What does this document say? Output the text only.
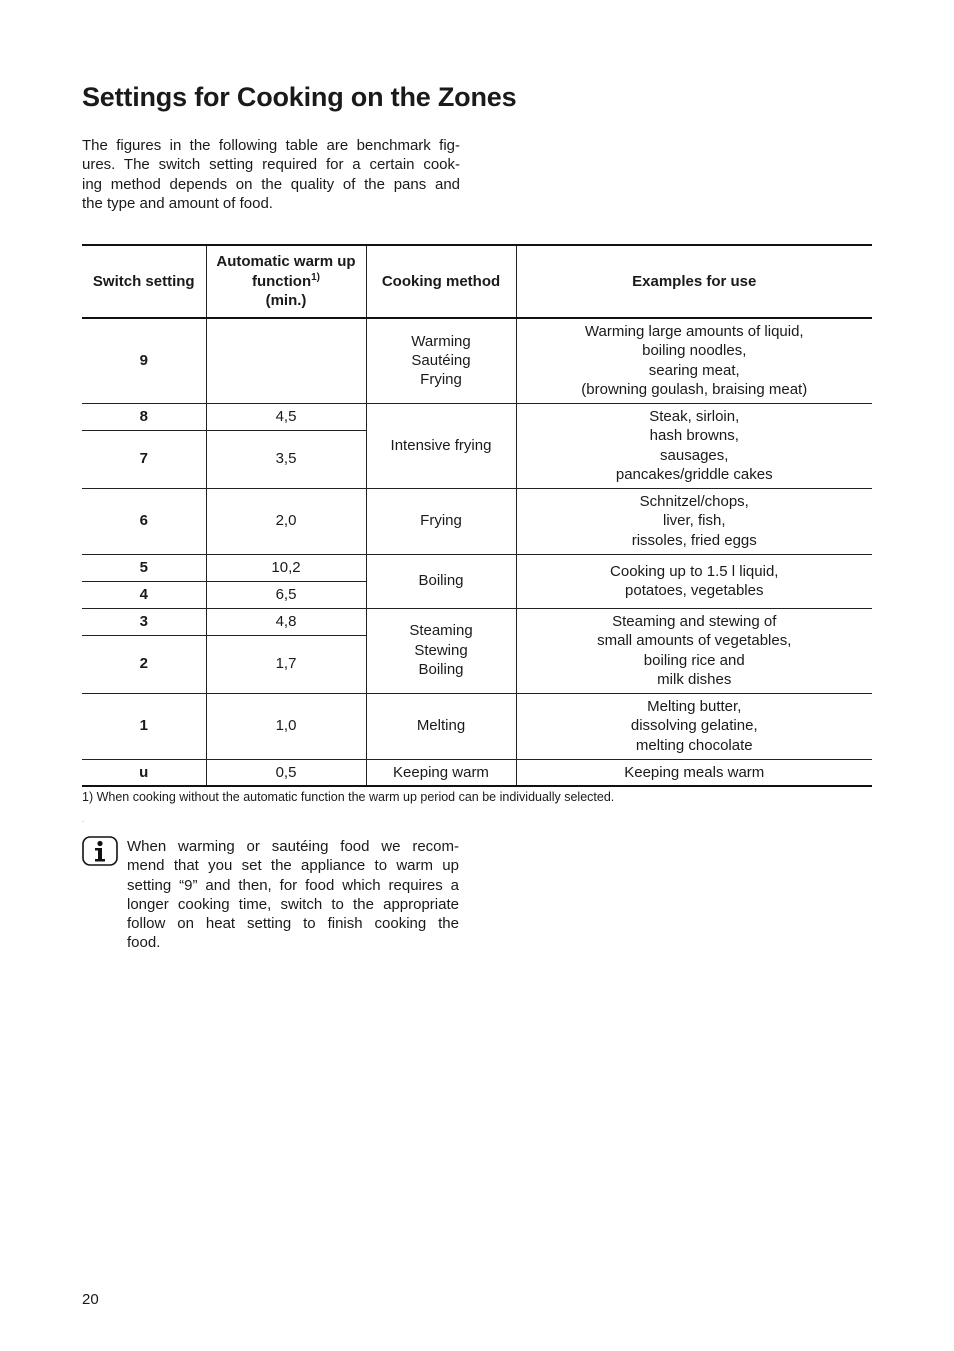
Settings for Cooking on the Zones
The figures in the following table are benchmark fig-
ures. The switch setting required for a certain cook-
ing method depends on the quality of the pans and
the type and amount of food.
Switch setting	Automatic warm up
function$^{1)}$
(min.)	Cooking method	Examples for use
9		Warming
Sautéing
Frying	Warming large amounts of liquid,
boiling noodles,
searing meat,
(browning goulash, braising meat)

8	4,5	Intensive frying	Steak, sirloin,
hash browns,
sausages,
pancakes/griddle cakes

7	3,5		
6	2,0	Frying	Schnitzel/chops,
liver, fish,
rissoles, fried eggs

5	10,2	Boiling	Cooking up to 1.5 l liquid,
potatoes, vegetables

4	6,5		
3	4,8	Steaming
Stewing
Boiling	Steaming and stewing of
small amounts of vegetables,
boiling rice and
milk dishes

2	1,7		
1	1,0	Melting	Melting butter,
dissolving gelatine,
melting chocolate

u	0,5	Keeping warm	Keeping meals warm
1) When cooking without the automatic function the warm up period can be individually selected.
.
When warming or sautéing food we recom-
mend that you set the appliance to warm up
setting “9” and then, for food which requires a
longer cooking time, switch to the appropriate
follow on heat setting to finish cooking the
food.
20
